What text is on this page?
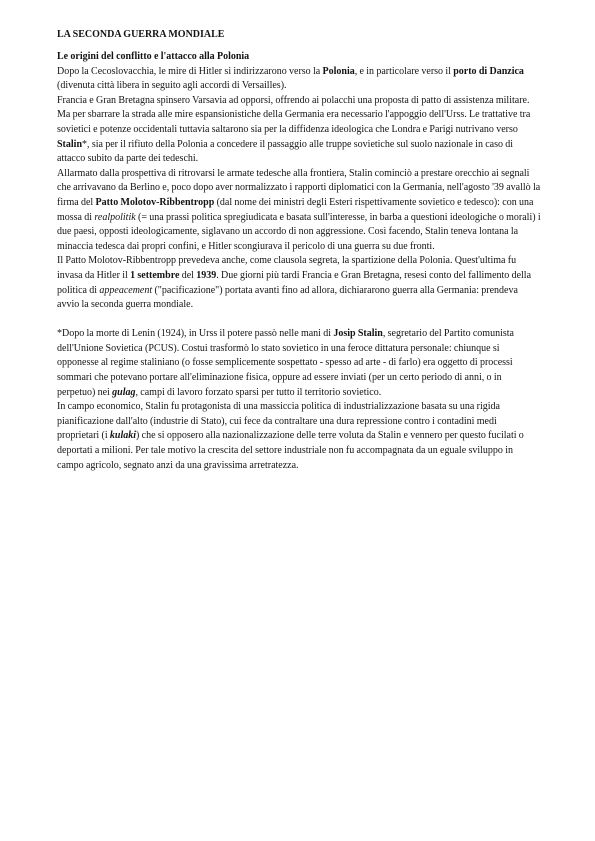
LA SECONDA GUERRA MONDIALE
Le origini del conflitto e l'attacco alla Polonia

Dopo la Cecoslovacchia, le mire di Hitler si indirizzarono verso la Polonia, e in particolare verso il porto di Danzica (divenuta città libera in seguito agli accordi di Versailles).

Francia e Gran Bretagna spinsero Varsavia ad opporsi, offrendo ai polacchi una proposta di patto di assistenza militare. Ma per sbarrare la strada alle mire espansionistiche della Germania era necessario l'appoggio dell'Urss. Le trattative tra sovietici e potenze occidentali tuttavia saltarono sia per la diffidenza ideologica che Londra e Parigi nutrivano verso Stalin*, sia per il rifiuto della Polonia a concedere il passaggio alle truppe sovietiche sul suolo nazionale in caso di attacco subito da parte dei tedeschi.

Allarmato dalla prospettiva di ritrovarsi le armate tedesche alla frontiera, Stalin cominciò a prestare orecchio ai segnali che arrivavano da Berlino e, poco dopo aver normalizzato i rapporti diplomatici con la Germania, nell'agosto '39 avallò la firma del Patto Molotov-Ribbentropp (dal nome dei ministri degli Esteri rispettivamente sovietico e tedesco): con una mossa di realpolitik (= una prassi politica spregiudicata e basata sull'interesse, in barba a questioni ideologiche o morali) i due paesi, opposti ideologicamente, siglavano un accordo di non aggressione. Così facendo, Stalin teneva lontana la minaccia tedesca dai propri confini, e Hitler scongiurava il pericolo di una guerra su due fronti.

Il Patto Molotov-Ribbentropp prevedeva anche, come clausola segreta, la spartizione della Polonia. Quest'ultima fu invasa da Hitler il 1 settembre del 1939. Due giorni più tardi Francia e Gran Bretagna, resesi conto del fallimento della politica di appeacement ("pacificazione") portata avanti fino ad allora, dichiararono guerra alla Germania: prendeva avvio la seconda guerra mondiale.

*Dopo la morte di Lenin (1924), in Urss il potere passò nelle mani di Josip Stalin, segretario del Partito comunista dell'Unione Sovietica (PCUS). Costui trasformò lo stato sovietico in una feroce dittatura personale: chiunque si opponesse al regime staliniano (o fosse semplicemente sospettato - spesso ad arte - di farlo) era oggetto di processi sommari che potevano portare all'eliminazione fisica, oppure ad essere inviati (per un certo periodo di anni, o in perpetuo) nei gulag, campi di lavoro forzato sparsi per tutto il territorio sovietico.

In campo economico, Stalin fu protagonista di una massiccia politica di industrializzazione basata su una rigida pianificazione dall'alto (industrie di Stato), cui fece da contraltare una dura repressione contro i contadini medi proprietari (i kulaki) che si opposero alla nazionalizzazione delle terre voluta da Stalin e vennero per questo fucilati o deportati a milioni. Per tale motivo la crescita del settore industriale non fu accompagnata da un eguale sviluppo in campo agricolo, segnato anzi da una gravissima arretratezza.
